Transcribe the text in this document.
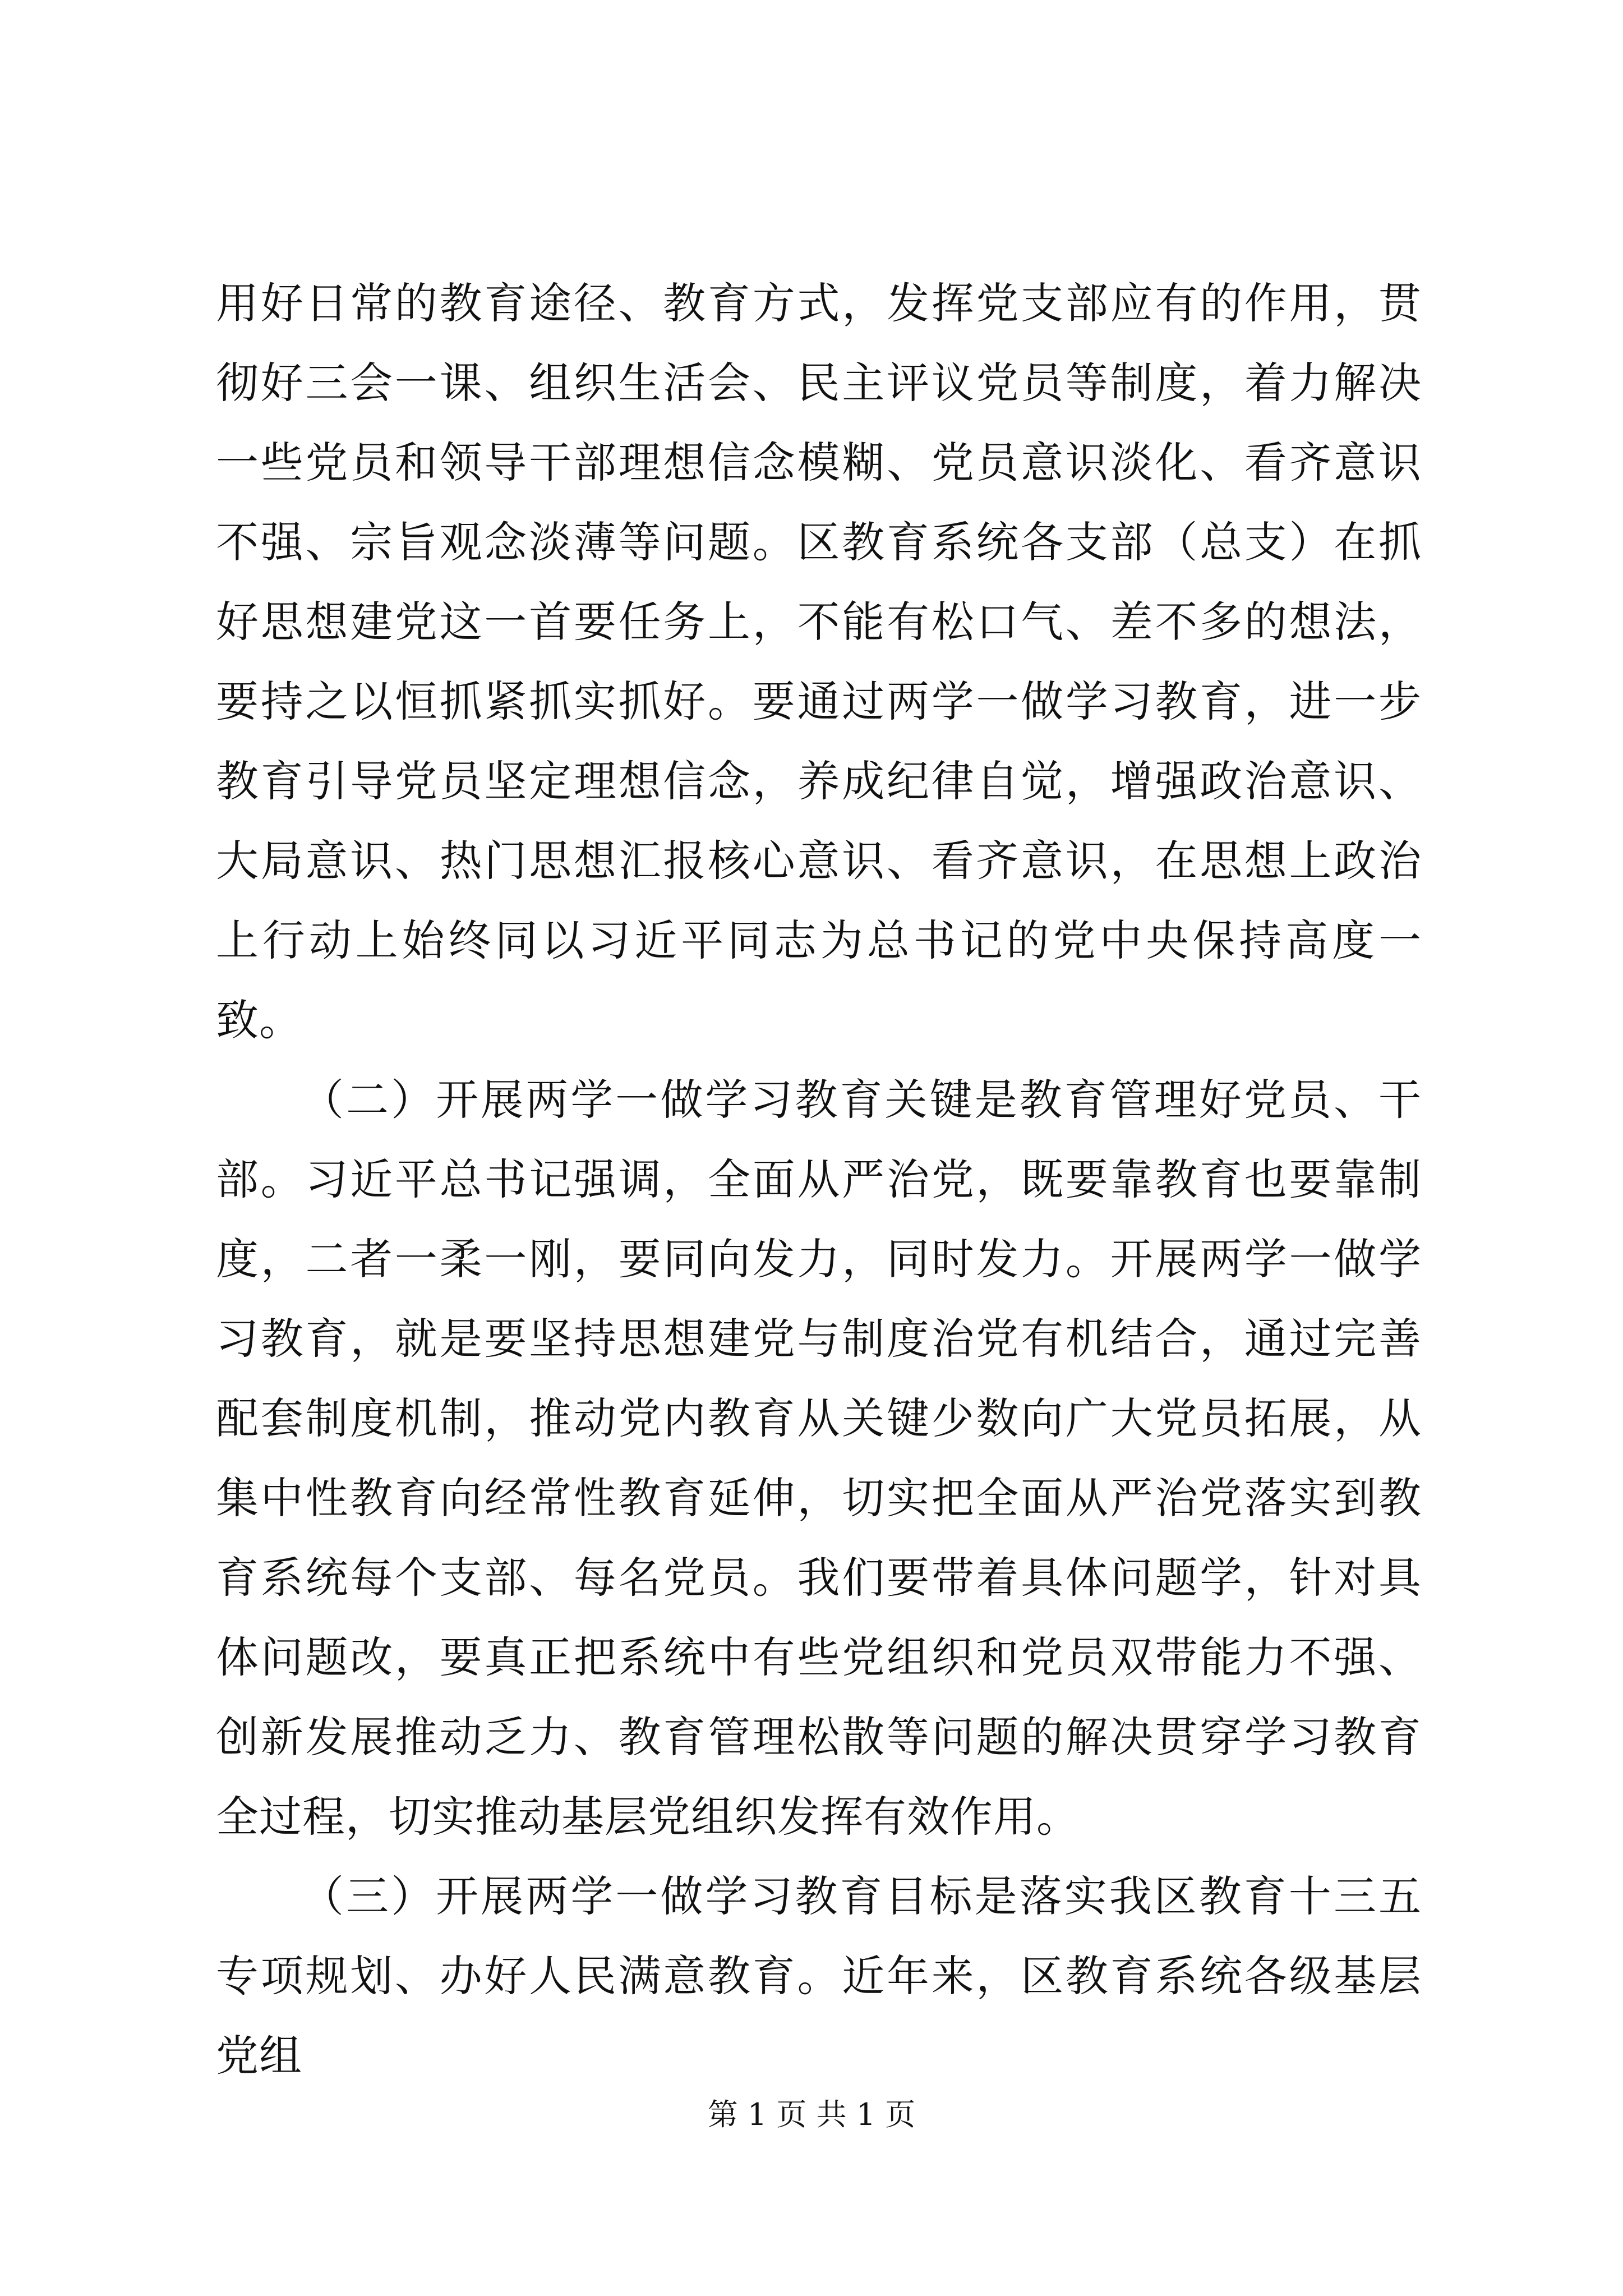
用好日常的教育途径、教育方式，发挥党支部应有的作用，贯彻好三会一课、组织生活会、民主评议党员等制度，着力解决一些党员和领导干部理想信念模糊、党员意识淡化、看齐意识不强、宗旨观念淡薄等问题。区教育系统各支部（总支）在抓好思想建党这一首要任务上，不能有松口气、差不多的想法，要持之以恒抓紧抓实抓好。要通过两学一做学习教育，进一步教育引导党员坚定理想信念，养成纪律自觉，增强政治意识、大局意识、热门思想汇报核心意识、看齐意识，在思想上政治上行动上始终同以习近平同志为总书记的党中央保持高度一致。

（二）开展两学一做学习教育关键是教育管理好党员、干部。习近平总书记强调，全面从严治党，既要靠教育也要靠制度，二者一柔一刚，要同向发力，同时发力。开展两学一做学习教育，就是要坚持思想建党与制度治党有机结合，通过完善配套制度机制，推动党内教育从关键少数向广大党员拓展，从集中性教育向经常性教育延伸，切实把全面从严治党落实到教育系统每个支部、每名党员。我们要带着具体问题学，针对具体问题改，要真正把系统中有些党组织和党员双带能力不强、创新发展推动乏力、教育管理松散等问题的解决贯穿学习教育全过程，切实推动基层党组织发挥有效作用。

（三）开展两学一做学习教育目标是落实我区教育十三五专项规划、办好人民满意教育。近年来，区教育系统各级基层党组

第 1 页 共 1 页
